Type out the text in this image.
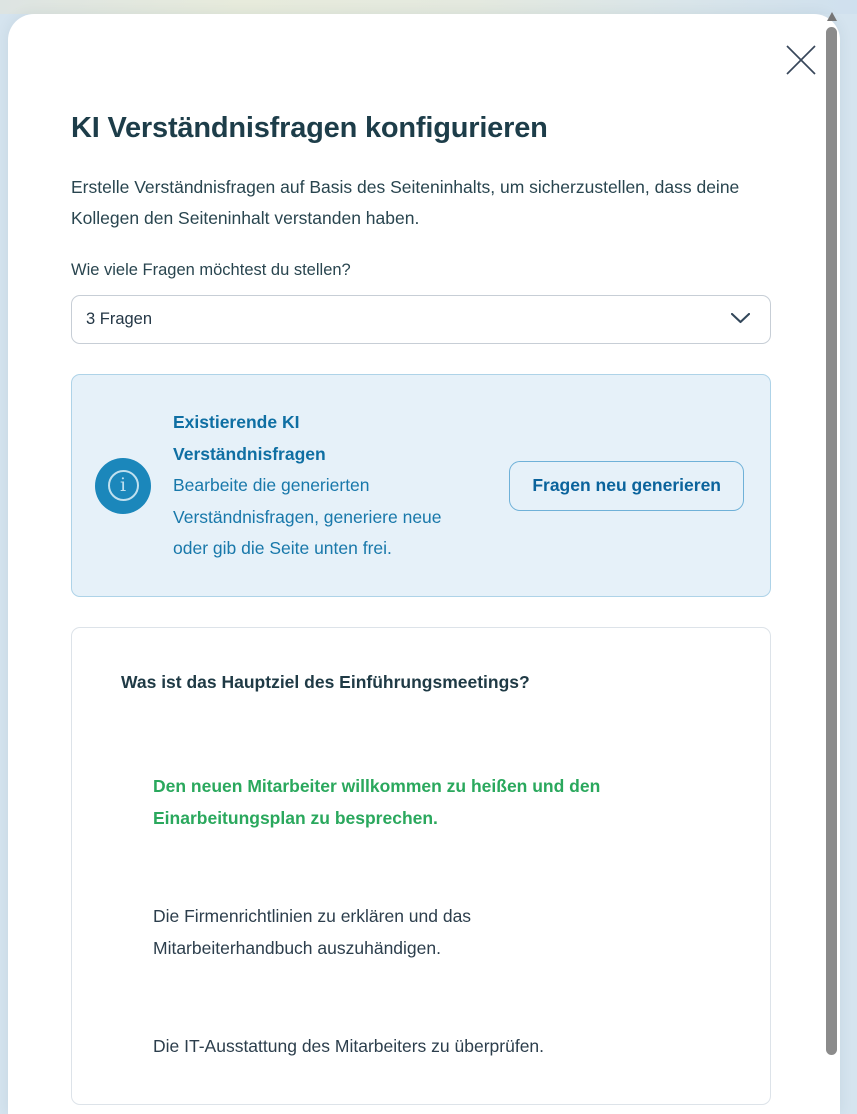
KI Verständnisfragen konfigurieren

Erstelle Verständnisfragen auf Basis des Seiteninhalts, um sicherzustellen, dass deine Kollegen den Seiteninhalt verstanden haben.

Wie viele Fragen möchtest du stellen?
3 Fragen
i
Existierende KI Verständnisfragen
Bearbeite die generierten Verständnisfragen, generiere neue oder gib die Seite unten frei.
Fragen neu generieren
Was ist das Hauptziel des Einführungsmeetings?
Den neuen Mitarbeiter willkommen zu heißen und den Einarbeitungsplan zu besprechen.
Die Firmenrichtlinien zu erklären und das Mitarbeiterhandbuch auszuhändigen.
Die IT-Ausstattung des Mitarbeiters zu überprüfen.
